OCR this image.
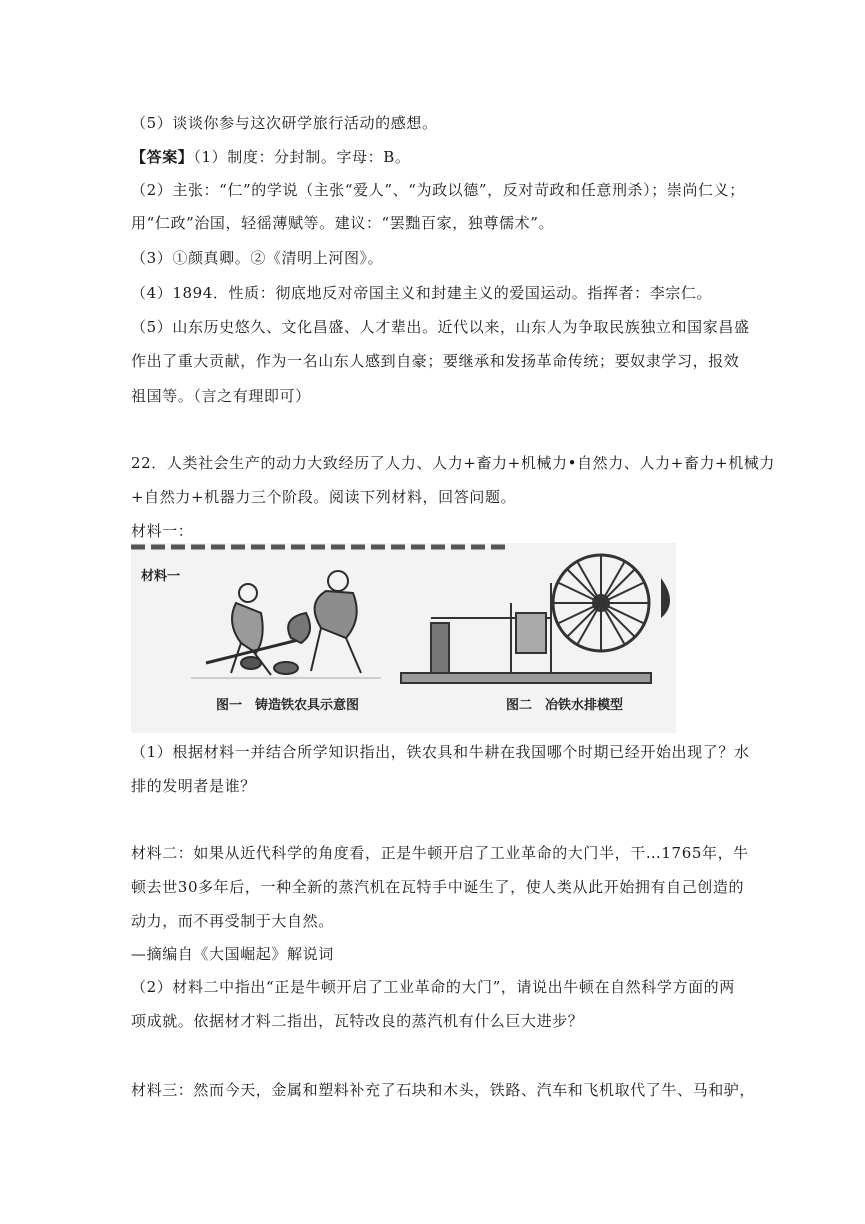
（5）谈谈你参与这次研学旅行活动的感想。
【答案】（1）制度：分封制。字母：B。
（2）主张：“仁”的学说（主张“爱人”、“为政以德”，反对苛政和任意刑杀）；崇尚仁义；
用“仁政”治国，轻徭薄赋等。建议：“罢黜百家，独尊儒术”。
（3）①颜真卿。②《清明上河图》。
（4）1894．性质：彻底地反对帝国主义和封建主义的爱国运动。指挥者：李宗仁。
（5）山东历史悠久、文化昌盛、人才辈出。近代以来，山东人为争取民族独立和国家昌盛
作出了重大贡献，作为一名山东人感到自豪；要继承和发扬革命传统；要奴隶学习，报效
祖国等。（言之有理即可）
22．人类社会生产的动力大致经历了人力、人力+畜力+机械力•自然力、人力+畜力+机械力
+自然力+机器力三个阶段。阅读下列材料，回答问题。
材料一：
材料一
图一　铸造铁农具示意图	图二　冶铁水排模型
（1）根据材料一并结合所学知识指出，铁农具和牛耕在我国哪个时期已经开始出现了？水
排的发明者是谁？
材料二：如果从近代科学的角度看，正是牛顿开启了工业革命的大门半，干…1765年，牛
顿去世30多年后，一种全新的蒸汽机在瓦特手中诞生了，使人类从此开始拥有自己创造的
动力，而不再受制于大自然。
—摘编自《大国崛起》解说词
（2）材料二中指出“正是牛顿开启了工业革命的大门”，请说出牛顿在自然科学方面的两
项成就。依据材才料二指出，瓦特改良的蒸汽机有什么巨大进步？
材料三：然而今天，金属和塑料补充了石块和木头，铁路、汽车和飞机取代了牛、马和驴，
